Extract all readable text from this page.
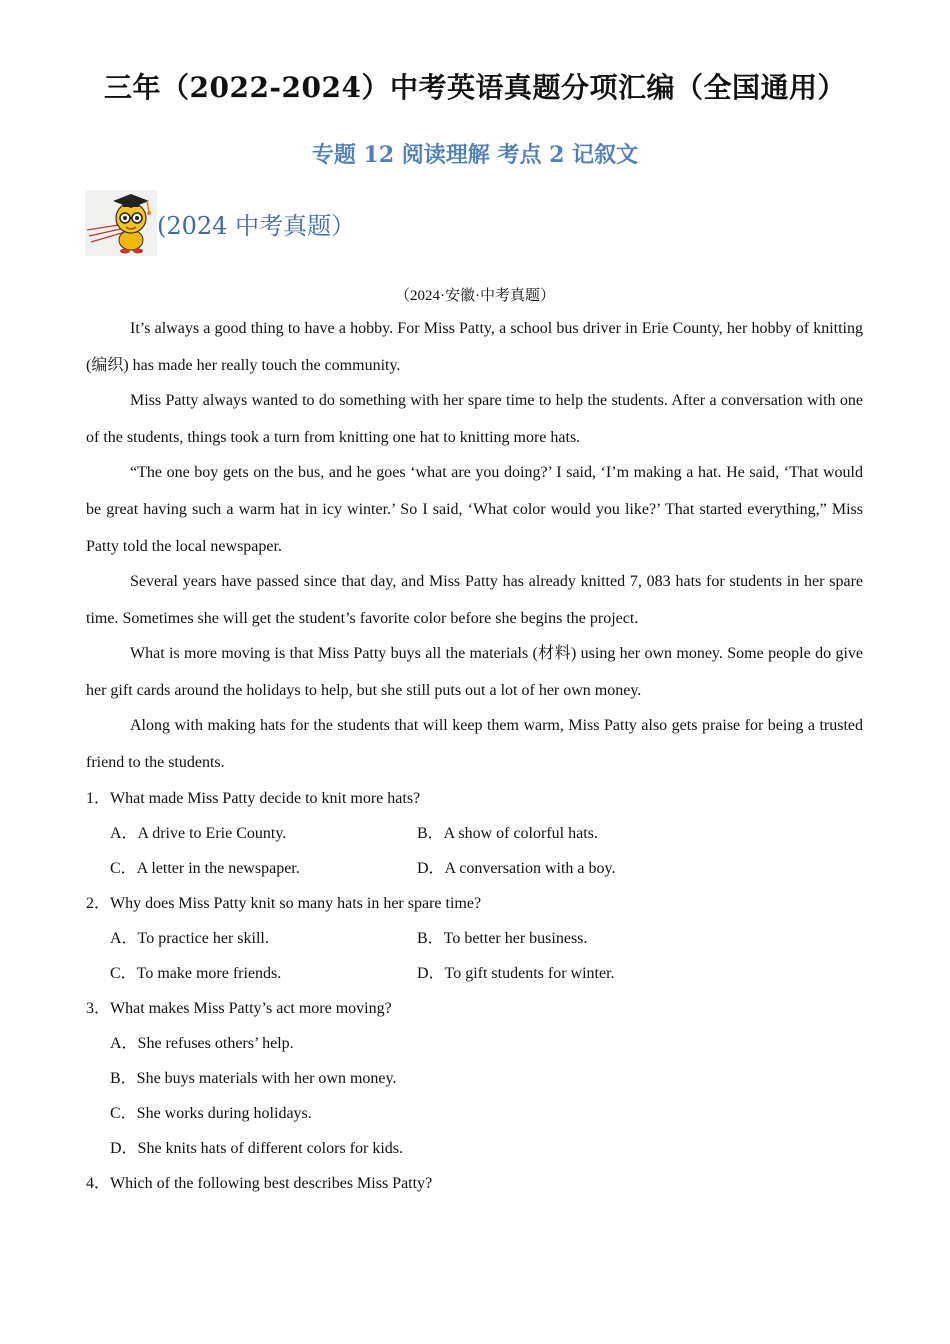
三年（2022-2024）中考英语真题分项汇编（全国通用）
专题 12 阅读理解 考点 2 记叙文
(2024 中考真题）
（2024·安徽·中考真题）

It’s always a good thing to have a hobby. For Miss Patty, a school bus driver in Erie County, her hobby of knitting (编织) has made her really touch the community.

Miss Patty always wanted to do something with her spare time to help the students. After a conversation with one of the students, things took a turn from knitting one hat to knitting more hats.

“The one boy gets on the bus, and he goes ‘what are you doing?’ I said, ‘I’m making a hat. He said, ‘That would be great having such a warm hat in icy winter.’ So I said, ‘What color would you like?’ That started everything,” Miss Patty told the local newspaper.

Several years have passed since that day, and Miss Patty has already knitted 7, 083 hats for students in her spare time. Sometimes she will get the student’s favorite color before she begins the project.

What is more moving is that Miss Patty buys all the materials (材料) using her own money. Some people do give her gift cards around the holidays to help, but she still puts out a lot of her own money.

Along with making hats for the students that will keep them warm, Miss Patty also gets praise for being a trusted friend to the students.

1．What made Miss Patty decide to knit more hats?
A．A drive to Erie County.	B．A show of colorful hats.
C．A letter in the newspaper.	D．A conversation with a boy.
2．Why does Miss Patty knit so many hats in her spare time?
A．To practice her skill.	B．To better her business.
C．To make more friends.	D．To gift students for winter.
3．What makes Miss Patty’s act more moving?
A．She refuses others’ help.
B．She buys materials with her own money.
C．She works during holidays.
D．She knits hats of different colors for kids.
4．Which of the following best describes Miss Patty?
